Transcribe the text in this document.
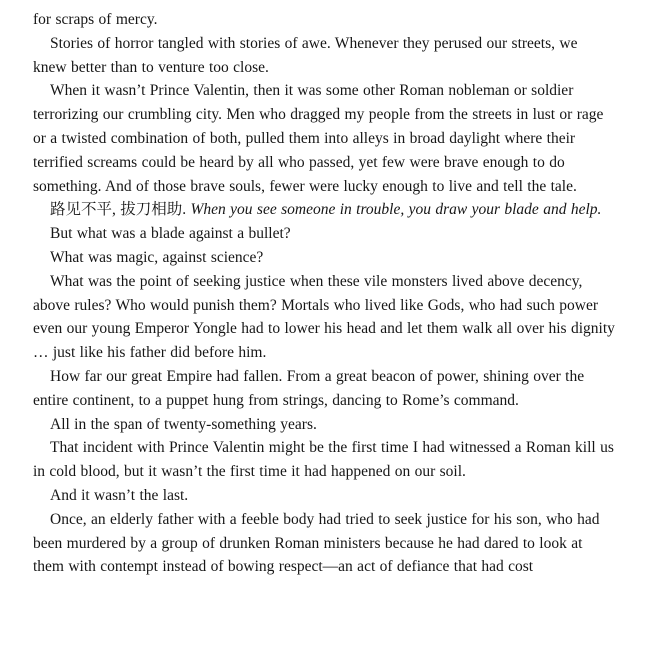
for scraps of mercy.

Stories of horror tangled with stories of awe. Whenever they perused our streets, we knew better than to venture too close.

When it wasn’t Prince Valentin, then it was some other Roman nobleman or soldier terrorizing our crumbling city. Men who dragged my people from the streets in lust or rage or a twisted combination of both, pulled them into alleys in broad daylight where their terrified screams could be heard by all who passed, yet few were brave enough to do something. And of those brave souls, fewer were lucky enough to live and tell the tale.

路见不平, 拔刀相助. When you see someone in trouble, you draw your blade and help.

But what was a blade against a bullet?

What was magic, against science?

What was the point of seeking justice when these vile monsters lived above decency, above rules? Who would punish them? Mortals who lived like Gods, who had such power even our young Emperor Yongle had to lower his head and let them walk all over his dignity … just like his father did before him.

How far our great Empire had fallen. From a great beacon of power, shining over the entire continent, to a puppet hung from strings, dancing to Rome’s command.

All in the span of twenty-something years.

That incident with Prince Valentin might be the first time I had witnessed a Roman kill us in cold blood, but it wasn’t the first time it had happened on our soil.

And it wasn’t the last.

Once, an elderly father with a feeble body had tried to seek justice for his son, who had been murdered by a group of drunken Roman ministers because he had dared to look at them with contempt instead of bowing respect—an act of defiance that had cost
